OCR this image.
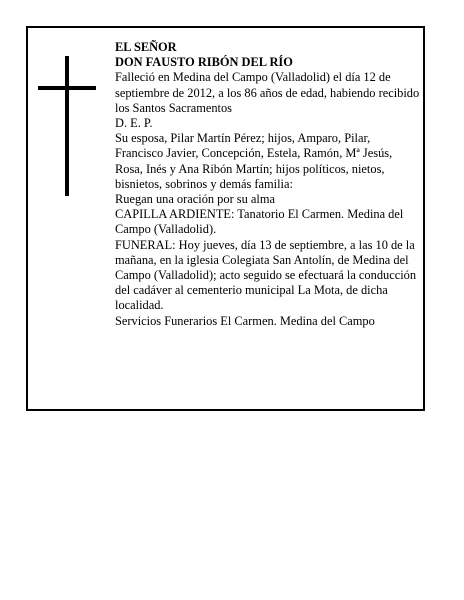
EL SEÑOR

DON FAUSTO RIBÓN DEL RÍO

Falleció en Medina del Campo (Valladolid) el día 12 de septiembre de 2012, a los 86 años de edad, habiendo recibido los Santos Sacramentos

D. E. P.

Su esposa, Pilar Martín Pérez; hijos, Amparo, Pilar, Francisco Javier, Concepción, Estela, Ramón, Mª Jesús, Rosa, Inés y Ana Ribón Martín; hijos políticos, nietos, bisnietos, sobrinos y demás familia:

Ruegan una oración por su alma

CAPILLA ARDIENTE: Tanatorio El Carmen. Medina del Campo (Valladolid).

FUNERAL: Hoy jueves, día 13 de septiembre, a las 10 de la mañana, en la iglesia Colegiata San Antolín, de Medina del Campo (Valladolid); acto seguido se efectuará la conducción del cadáver al cementerio municipal La Mota, de dicha localidad.

Servicios Funerarios El Carmen. Medina del Campo
